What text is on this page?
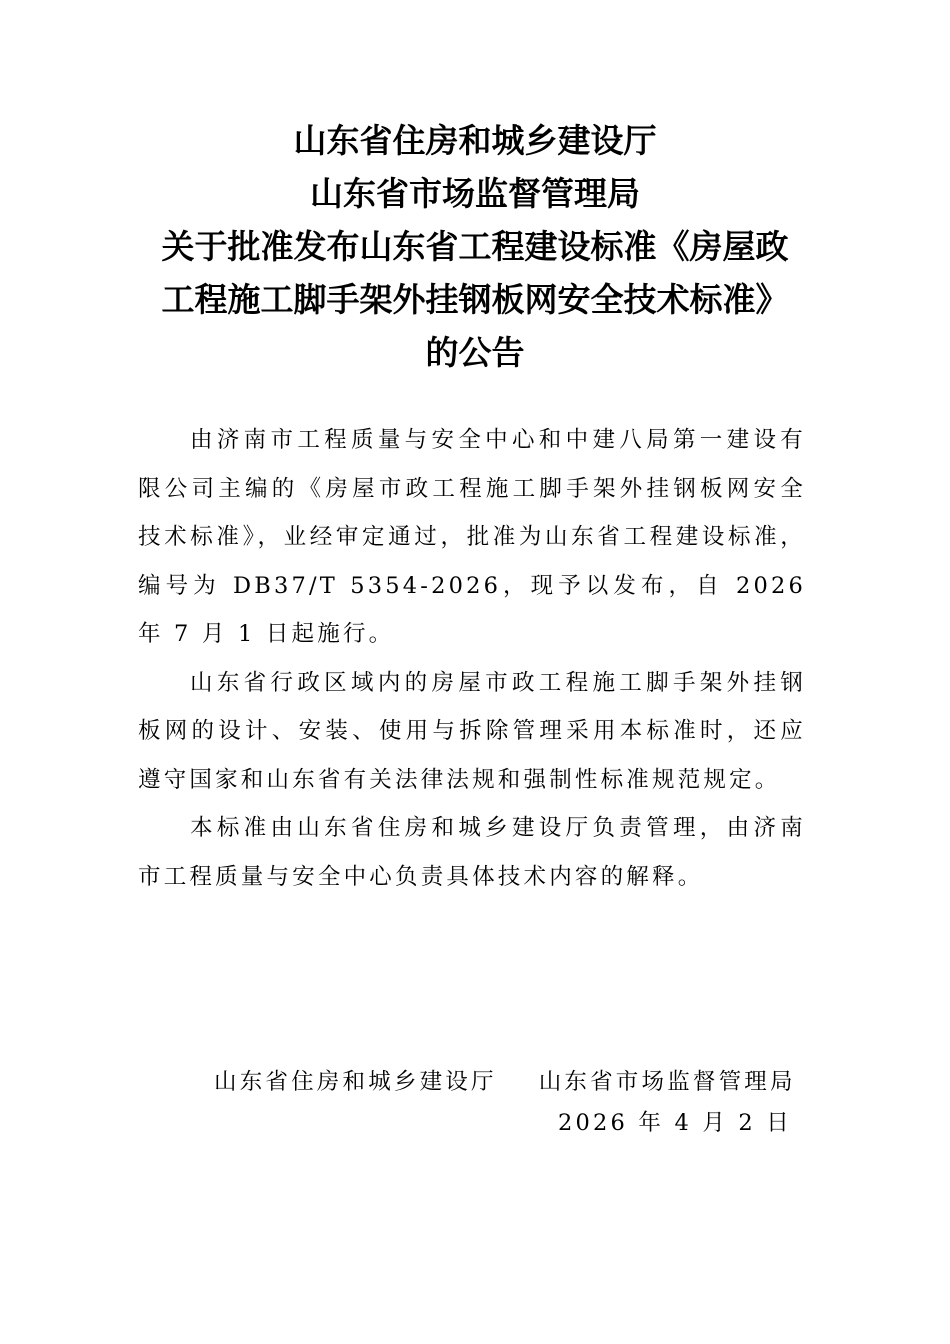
山东省住房和城乡建设厅
山东省市场监督管理局
关于批准发布山东省工程建设标准《房屋政
工程施工脚手架外挂钢板网安全技术标准》
的公告

由济南市工程质量与安全中心和中建八局第一建设有限公司主编的《房屋市政工程施工脚手架外挂钢板网安全技术标准》，业经审定通过，批准为山东省工程建设标准，编号为 DB37/T 5354-2026，现予以发布，自 2026 年 7 月 1 日起施行。

山东省行政区域内的房屋市政工程施工脚手架外挂钢板网的设计、安装、使用与拆除管理采用本标准时，还应遵守国家和山东省有关法律法规和强制性标准规范规定。

本标准由山东省住房和城乡建设厅负责管理，由济南市工程质量与安全中心负责具体技术内容的解释。

山东省住房和城乡建设厅 山东省市场监督管理局
2026 年 4 月 2 日
